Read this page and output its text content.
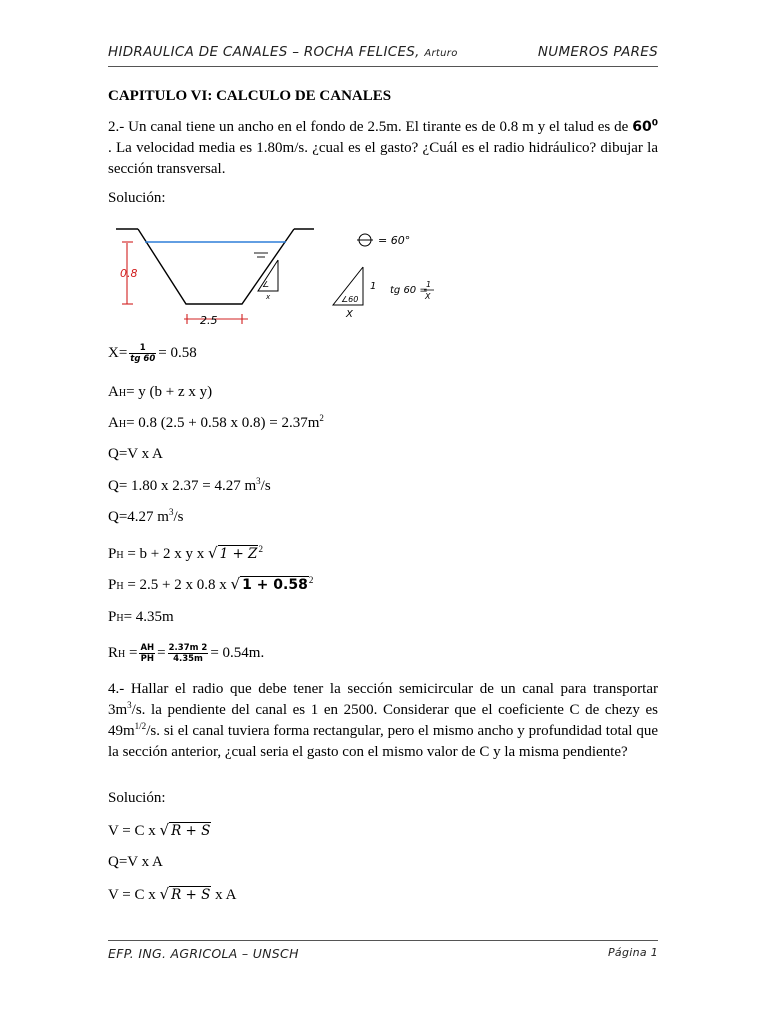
HIDRAULICA DE CANALES – ROCHA FELICES, Arturo	NUMEROS PARES
CAPITULO VI: CALCULO DE CANALES
2.- Un canal tiene un ancho en el fondo de 2.5m. El tirante es de 0.8 m y el talud es de $60^0$ . La velocidad media es 1.80m/s. ¿cual es el gasto? ¿Cuál es el radio hidráulico? dibujar la sección transversal.
Solución:
0.8
2.5
∠
x
= 60°
∠60
1
X
tg 60 =
1
X
$X= \frac{1}{tg 60} = 0.58$
AH= y (b + z x y)
AH= 0.8 (2.5 + 0.58 x $0.8) = 2.37m^2$
Q=V x A
Q= 1.80 x 2.37 = 4.27 $m^3/s$
Q=4.27 $m^3/s$
PH = b + 2 x y x √ $1 + Z^2$
PH = 2.5 + 2 x 0.8 x √ $1 + 0.58^2$
PH= 4.35m
RH = $\frac{AH}{PH} = \frac{2.37m 2}{4.35m} = 0.54m$.
4.- Hallar el radio que debe tener la sección semicircular de un canal para transportar $3m^3/s$. la pendiente del canal es 1 en 2500. Considerar que el coeficiente C de chezy es $49m^{1/2}/s$. si el canal tuviera forma rectangular, pero el mismo ancho y profundidad total que la sección anterior, ¿cual seria el gasto con el mismo valor de C y la misma pendiente?
Solución:
V = C x √ R + S
Q=V x A
V = C x √ R + S x A
EFP. ING. AGRICOLA – UNSCH	Página 1
